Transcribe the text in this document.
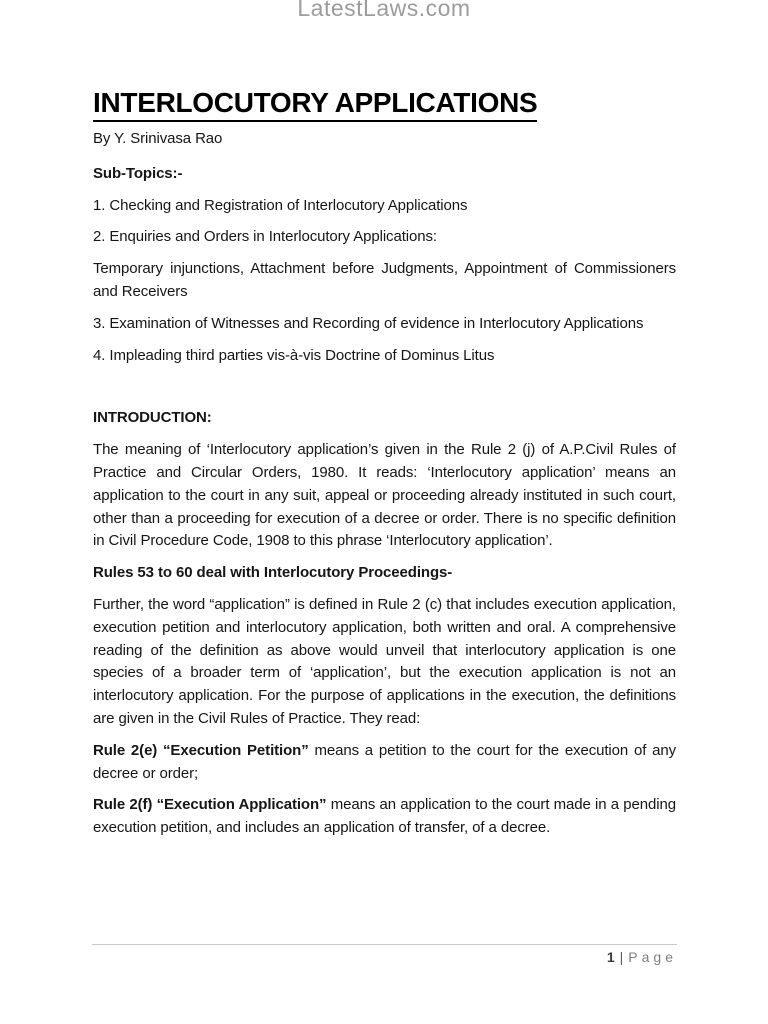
LatestLaws.com
INTERLOCUTORY APPLICATIONS

By Y. Srinivasa Rao

Sub-Topics:-

1. Checking and Registration of Interlocutory Applications

2. Enquiries and Orders in Interlocutory Applications:

Temporary injunctions, Attachment before Judgments, Appointment of Commissioners and Receivers

3. Examination of Witnesses and Recording of evidence in Interlocutory Applications

4. Impleading third parties vis-à-vis Doctrine of Dominus Litus

INTRODUCTION:

The meaning of ‘Interlocutory application’s given in the Rule 2 (j) of A.P.Civil Rules of Practice and Circular Orders, 1980. It reads: ‘Interlocutory application’ means an application to the court in any suit, appeal or proceeding already instituted in such court, other than a proceeding for execution of a decree or order. There is no specific definition in Civil Procedure Code, 1908 to this phrase ‘Interlocutory application’.

Rules 53 to 60 deal with Interlocutory Proceedings-

Further, the word “application” is defined in Rule 2 (c) that includes execution application, execution petition and interlocutory application, both written and oral. A comprehensive reading of the definition as above would unveil that interlocutory application is one species of a broader term of ‘application’, but the execution application is not an interlocutory application. For the purpose of applications in the execution, the definitions are given in the Civil Rules of Practice. They read:

Rule 2(e) “Execution Petition” means a petition to the court for the execution of any decree or order;

Rule 2(f) “Execution Application” means an application to the court made in a pending execution petition, and includes an application of transfer, of a decree.

1 | Page
